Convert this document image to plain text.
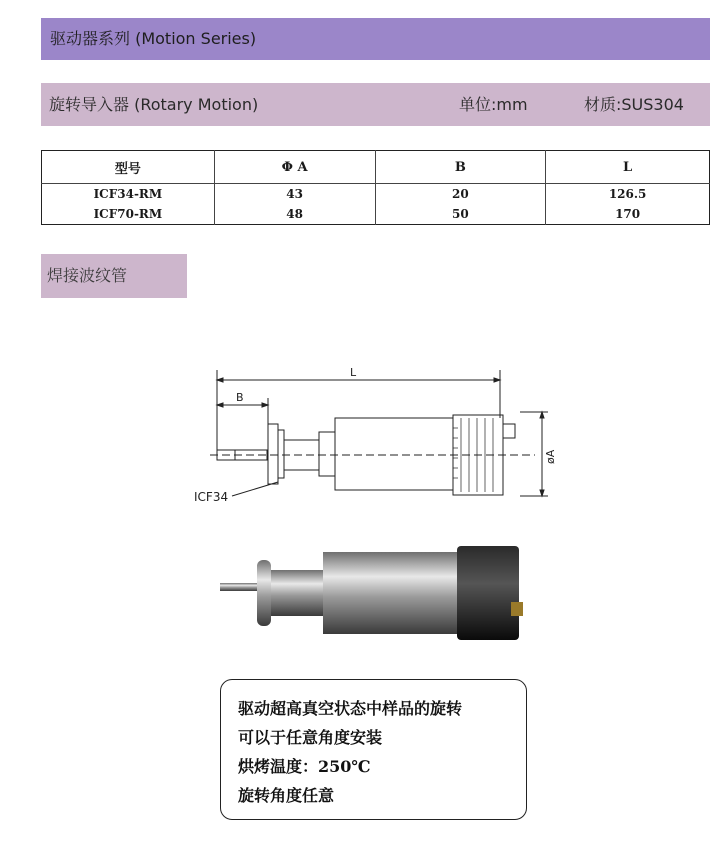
驱动器系列 (Motion Series)
旋转导入器 (Rotary Motion)	单位:mm	材质:SUS304
型号	Φ A	B	L
ICF34-RM	43	20	126.5
ICF70-RM	48	50	170
焊接波纹管
L
B
øA
ICF34
驱动超高真空状态中样品的旋转
可以于任意角度安装
烘烤温度：250℃
旋转角度任意
